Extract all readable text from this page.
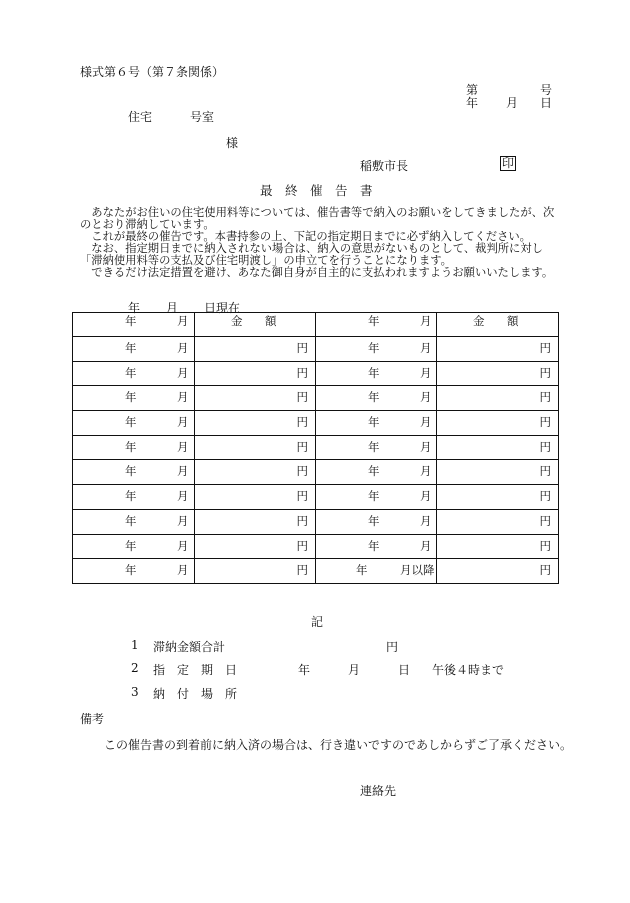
様式第６号（第７条関係）
第	号
年 月 日
住宅	号室
様
稲敷市長	印
最　終　催　告　書

　あなたがお住いの住宅使用料等については、催告書等で納入のお願いをしてきましたが、次のとおり滞納しています。

　これが最終の催告です。本書持参の上、下記の指定期日までに必ず納入してください。

　なお、指定期日までに納入されない場合は、納入の意思がないものとして、裁判所に対し「滞納使用料等の支払及び住宅明渡し」の申立てを行うことになります。

　できるだけ法定措置を避け、あなた御自身が自主的に支払われますようお願いいたします。

年 月 日現在
年 月	金 額	年 月	金 額

年 月	円	年 月	円

年 月	円	年 月	円

年 月	円	年 月	円

年 月	円	年 月	円

年 月	円	年 月	円

年 月	円	年 月	円

年 月	円	年 月	円

年 月	円	年 月	円

年 月	円	年 月	円

年 月	円	年 月以降	円
記
1 滞納金額合計	円
2 指　定　期　日	年	月	日 午後４時まで
3 納　付　場　所
備考
この催告書の到着前に納入済の場合は、行き違いですのであしからずご了承ください。
連絡先
